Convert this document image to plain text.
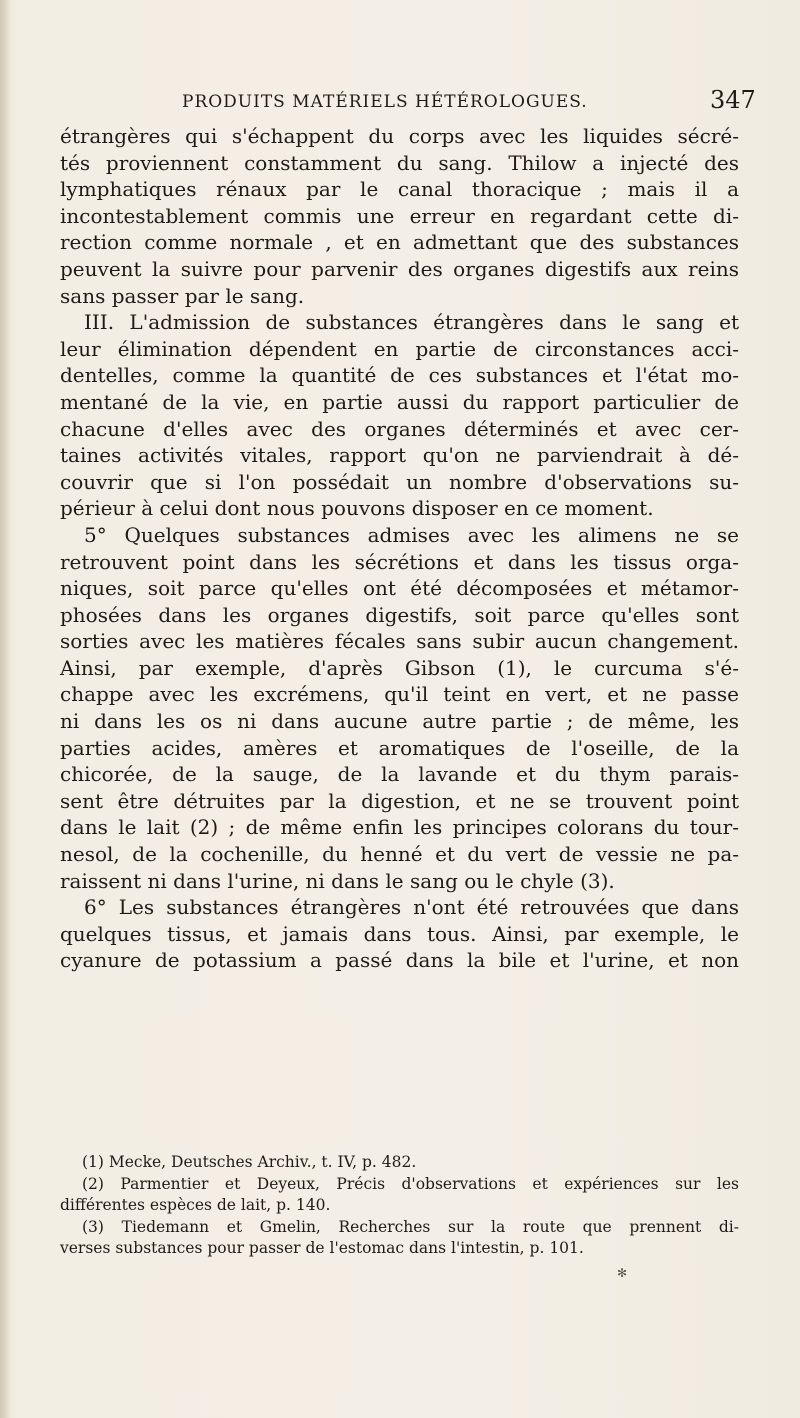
PRODUITS MATÉRIELS HÉTÉROLOGUES.	347
étrangères qui s'échappent du corps avec les liquides sécré-
tés proviennent constamment du sang. Thilow a injecté des
lymphatiques rénaux par le canal thoracique ; mais il a
incontestablement commis une erreur en regardant cette di-
rection comme normale , et en admettant que des substances
peuvent la suivre pour parvenir des organes digestifs aux reins
sans passer par le sang.
III. L'admission de substances étrangères dans le sang et
leur élimination dépendent en partie de circonstances acci-
dentelles, comme la quantité de ces substances et l'état mo-
mentané de la vie, en partie aussi du rapport particulier de
chacune d'elles avec des organes déterminés et avec cer-
taines activités vitales, rapport qu'on ne parviendrait à dé-
couvrir que si l'on possédait un nombre d'observations su-
périeur à celui dont nous pouvons disposer en ce moment.
5° Quelques substances admises avec les alimens ne se
retrouvent point dans les sécrétions et dans les tissus orga-
niques, soit parce qu'elles ont été décomposées et métamor-
phosées dans les organes digestifs, soit parce qu'elles sont
sorties avec les matières fécales sans subir aucun changement.
Ainsi, par exemple, d'après Gibson (1), le curcuma s'é-
chappe avec les excrémens, qu'il teint en vert, et ne passe
ni dans les os ni dans aucune autre partie ; de même, les
parties acides, amères et aromatiques de l'oseille, de la
chicorée, de la sauge, de la lavande et du thym parais-
sent être détruites par la digestion, et ne se trouvent point
dans le lait (2) ; de même enfin les principes colorans du tour-
nesol, de la cochenille, du henné et du vert de vessie ne pa-
raissent ni dans l'urine, ni dans le sang ou le chyle (3).
6° Les substances étrangères n'ont été retrouvées que dans
quelques tissus, et jamais dans tous. Ainsi, par exemple, le
cyanure de potassium a passé dans la bile et l'urine, et non
(1) Mecke, Deutsches Archiv., t. IV, p. 482.
(2) Parmentier et Deyeux, Précis d'observations et expériences sur les
différentes espèces de lait, p. 140.
(3) Tiedemann et Gmelin, Recherches sur la route que prennent di-
verses substances pour passer de l'estomac dans l'intestin, p. 101.
✻
